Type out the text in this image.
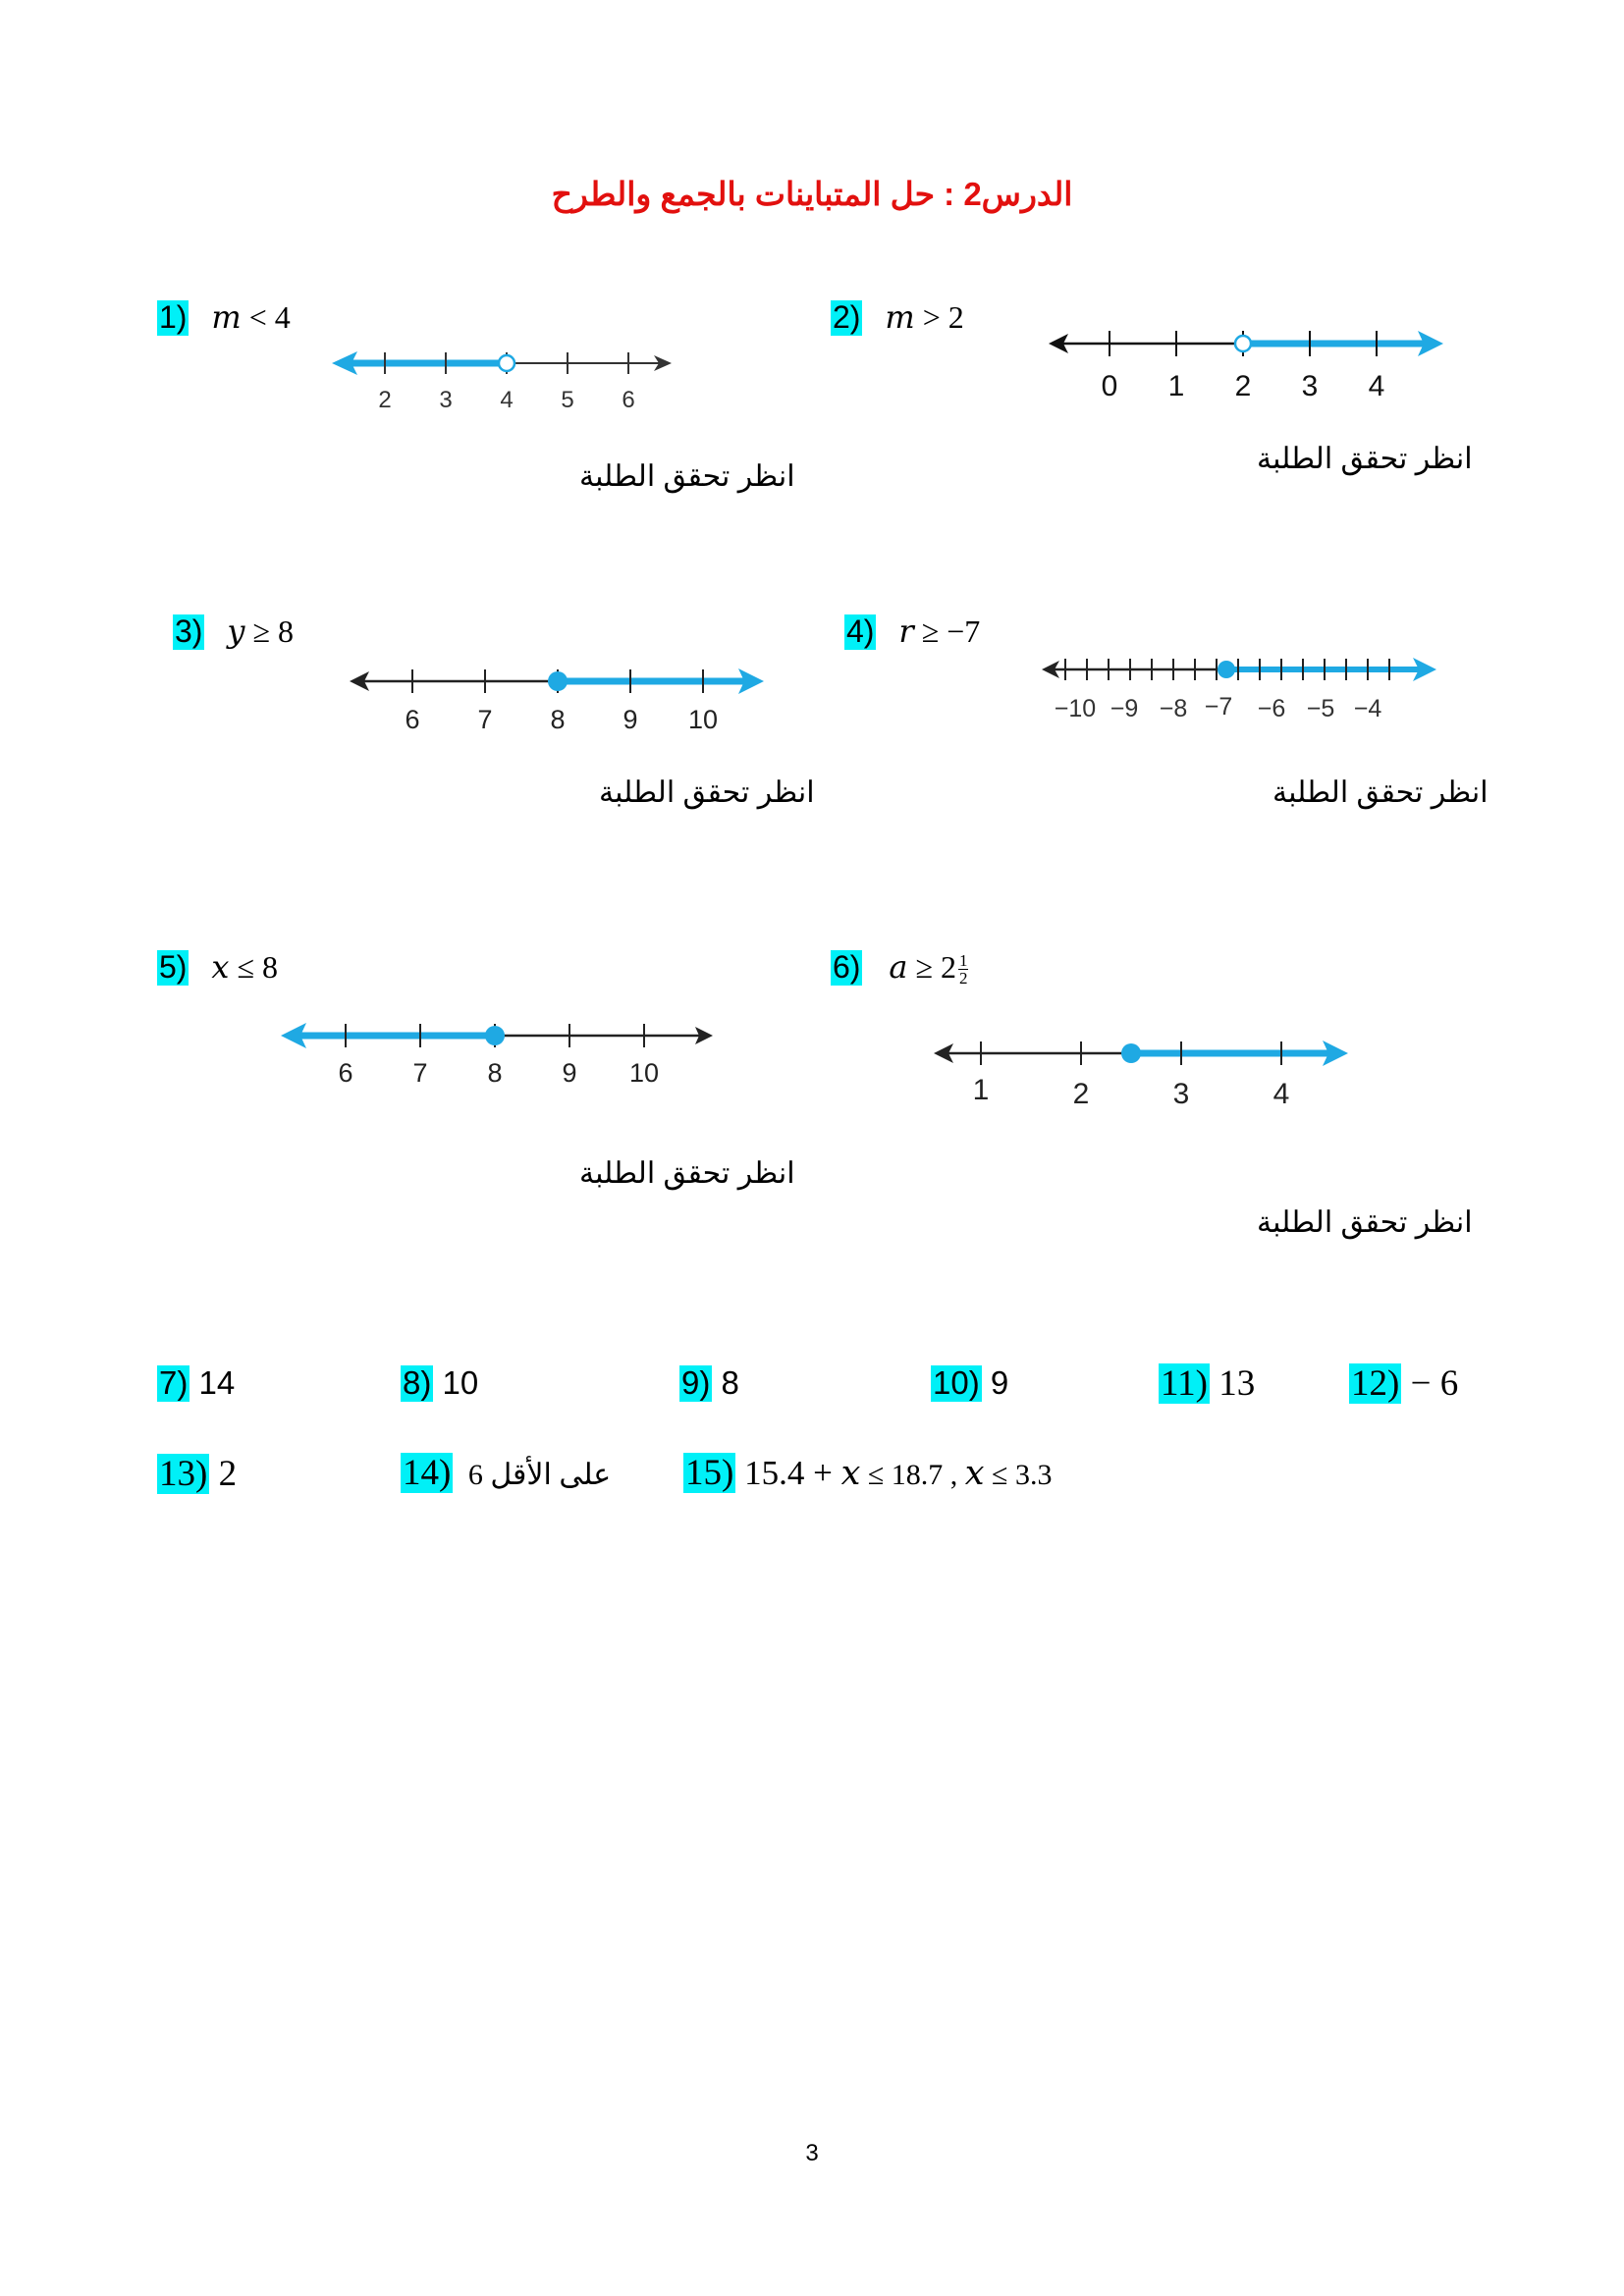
الدرس2 : حل المتباينات بالجمع والطرح
1) m < 4
2 3 4 5 6
انظر تحقق الطلبة
2) m > 2
0 1 2 3 4
انظر تحقق الطلبة
3) y ≥ 8
6 7 8 9 10
انظر تحقق الطلبة
4) r ≥ −7
−10 −9 −8 −7 −6 −5 −4
انظر تحقق الطلبة
5) x ≤ 8
6 7 8 9 10
انظر تحقق الطلبة
6) $a \ge 2 \frac{1}{2}$
1	2	3	4
انظر تحقق الطلبة
7) 14	8) 10	9) 8	10) 9	11) 13	12) − 6
13) 2	14) 6 على الأقل 15) 15.4 + x ≤ 18.7 , x ≤ 3.3
3
